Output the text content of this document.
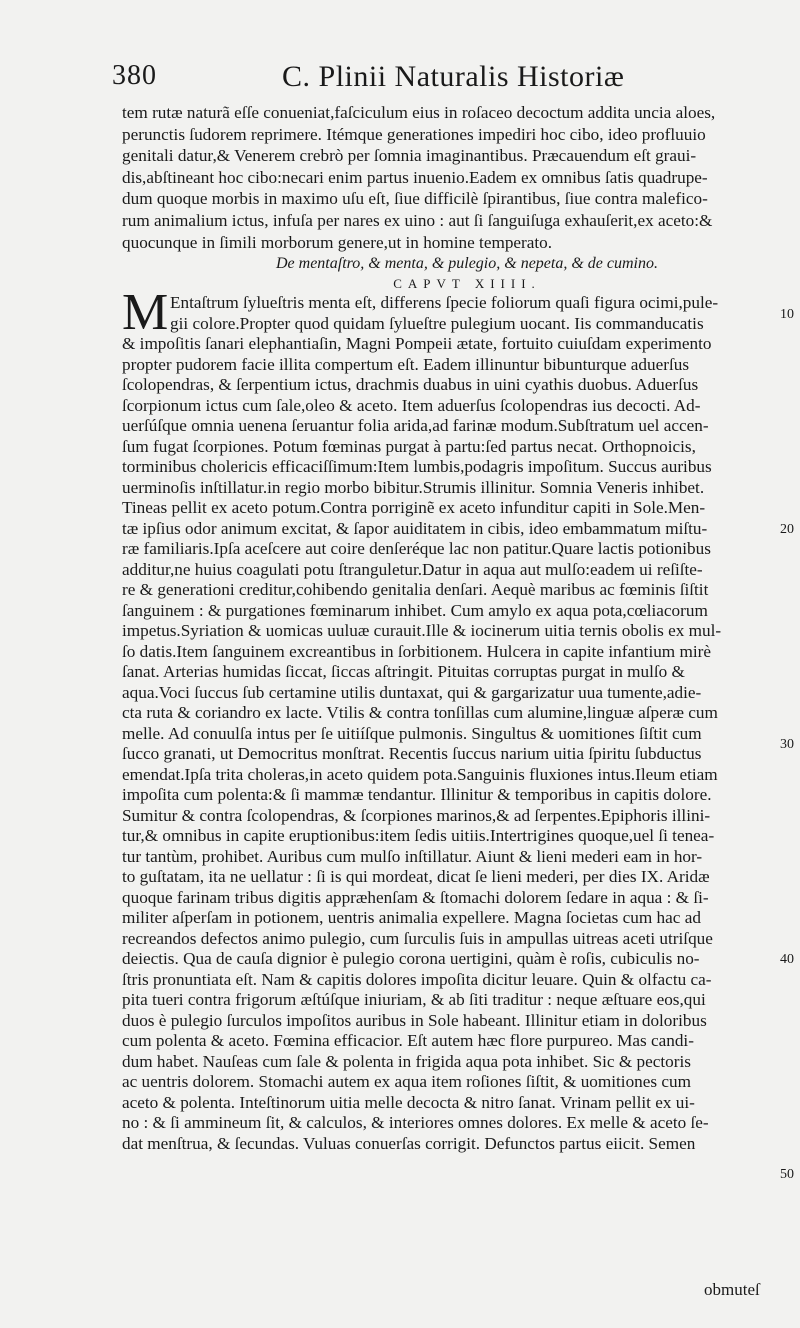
380	C. Plinii Naturalis Historiæ
tem rutæ naturã eſſe conueniat,faſciculum eius in roſaceo decoctum addita uncia aloes,
perunctis ſudorem reprimere. Itémque generationes impediri hoc cibo, ideo profluuio
genitali datur,& Venerem crebrò per ſomnia imaginantibus. Præcauendum eſt graui-
dis,abſtineant hoc cibo:necari enim partus inuenio.Eadem ex omnibus ſatis quadrupe-
dum quoque morbis in maximo uſu eſt, ſiue difficilè ſpirantibus, ſiue contra malefico-
rum animalium ictus, infuſa per nares ex uino : aut ſi ſanguiſuga exhauſerit,ex aceto:&
quocunque in ſimili morborum genere,ut in homine temperato.
De mentaſtro, & menta, & pulegio, & nepeta, & de cumino.
CAPVT XIIII.
M Entaſtrum ſylueſtris menta eſt, differens ſpecie foliorum quaſi figura ocimi,pule-
gii colore.Propter quod quidam ſylueſtre pulegium uocant. Iis commanducatis
& impoſitis ſanari elephantiaſin, Magni Pompeii ætate, fortuito cuiuſdam experimento
propter pudorem facie illita compertum eſt. Eadem illinuntur bibunturque aduerſus
ſcolopendras, & ſerpentium ictus, drachmis duabus in uini cyathis duobus. Aduerſus
ſcorpionum ictus cum ſale,oleo & aceto. Item aduerſus ſcolopendras ius decocti. Ad-
uerſúſque omnia uenena ſeruantur folia arida,ad farinæ modum.Subſtratum uel accen-
ſum fugat ſcorpiones. Potum fœminas purgat à partu:ſed partus necat. Orthopnoicis,
torminibus cholericis efficaciſſimum:Item lumbis,podagris impoſitum. Succus auribus
uerminoſis inſtillatur.in regio morbo bibitur.Strumis illinitur. Somnia Veneris inhibet.
Tineas pellit ex aceto potum.Contra porriginẽ ex aceto infunditur capiti in Sole.Men-
tæ ipſius odor animum excitat, & ſapor auiditatem in cibis, ideo embammatum miſtu-
ræ familiaris.Ipſa aceſcere aut coire denſeréque lac non patitur.Quare lactis potionibus
additur,ne huius coagulati potu ſtranguletur.Datur in aqua aut mulſo:eadem ui reſiſte-
re & generationi creditur,cohibendo genitalia denſari. Aequè maribus ac fœminis ſiſtit
ſanguinem : & purgationes fœminarum inhibet. Cum amylo ex aqua pota,cœliacorum
impetus.Syriation & uomicas uuluæ curauit.Ille & iocinerum uitia ternis obolis ex mul-
ſo datis.Item ſanguinem excreantibus in ſorbitionem. Hulcera in capite infantium mirè
ſanat. Arterias humidas ſiccat, ſiccas aſtringit. Pituitas corruptas purgat in mulſo &
aqua.Voci ſuccus ſub certamine utilis duntaxat, qui & gargarizatur uua tumente,adie-
cta ruta & coriandro ex lacte. Vtilis & contra tonſillas cum alumine,linguæ aſperæ cum
melle. Ad conuulſa intus per ſe uitiíſque pulmonis. Singultus & uomitiones ſiſtit cum
ſucco granati, ut Democritus monſtrat. Recentis ſuccus narium uitia ſpiritu ſubductus
emendat.Ipſa trita choleras,in aceto quidem pota.Sanguinis fluxiones intus.Ileum etiam
impoſita cum polenta:& ſi mammæ tendantur. Illinitur & temporibus in capitis dolore.
Sumitur & contra ſcolopendras, & ſcorpiones marinos,& ad ſerpentes.Epiphoris illini-
tur,& omnibus in capite eruptionibus:item ſedis uitiis.Intertrigines quoque,uel ſi tenea-
tur tantùm, prohibet. Auribus cum mulſo inſtillatur. Aiunt & lieni mederi eam in hor-
to guſtatam, ita ne uellatur : ſi is qui mordeat, dicat ſe lieni mederi, per dies IX. Aridæ
quoque farinam tribus digitis appræhenſam & ſtomachi dolorem ſedare in aqua : & ſi-
militer aſperſam in potionem, uentris animalia expellere. Magna ſocietas cum hac ad
recreandos defectos animo pulegio, cum ſurculis ſuis in ampullas uitreas aceti utriſque
deiectis. Qua de cauſa dignior è pulegio corona uertigini, quàm è roſis, cubiculis no-
ſtris pronuntiata eſt. Nam & capitis dolores impoſita dicitur leuare. Quin & olfactu ca-
pita tueri contra frigorum æſtúſque iniuriam, & ab ſiti traditur : neque æſtuare eos,qui
duos è pulegio ſurculos impoſitos auribus in Sole habeant. Illinitur etiam in doloribus
cum polenta & aceto. Fœmina efficacior. Eſt autem hæc flore purpureo. Mas candi-
dum habet. Nauſeas cum ſale & polenta in frigida aqua pota inhibet. Sic & pectoris
ac uentris dolorem. Stomachi autem ex aqua item roſiones ſiſtit, & uomitiones cum
aceto & polenta. Inteſtinorum uitia melle decocta & nitro ſanat. Vrinam pellit ex ui-
no : & ſi ammineum ſit, & calculos, & interiores omnes dolores. Ex melle & aceto ſe-
dat menſtrua, & ſecundas. Vuluas conuerſas corrigit. Defunctos partus eiicit. Semen
10
20
30
40
50
obmuteſ
